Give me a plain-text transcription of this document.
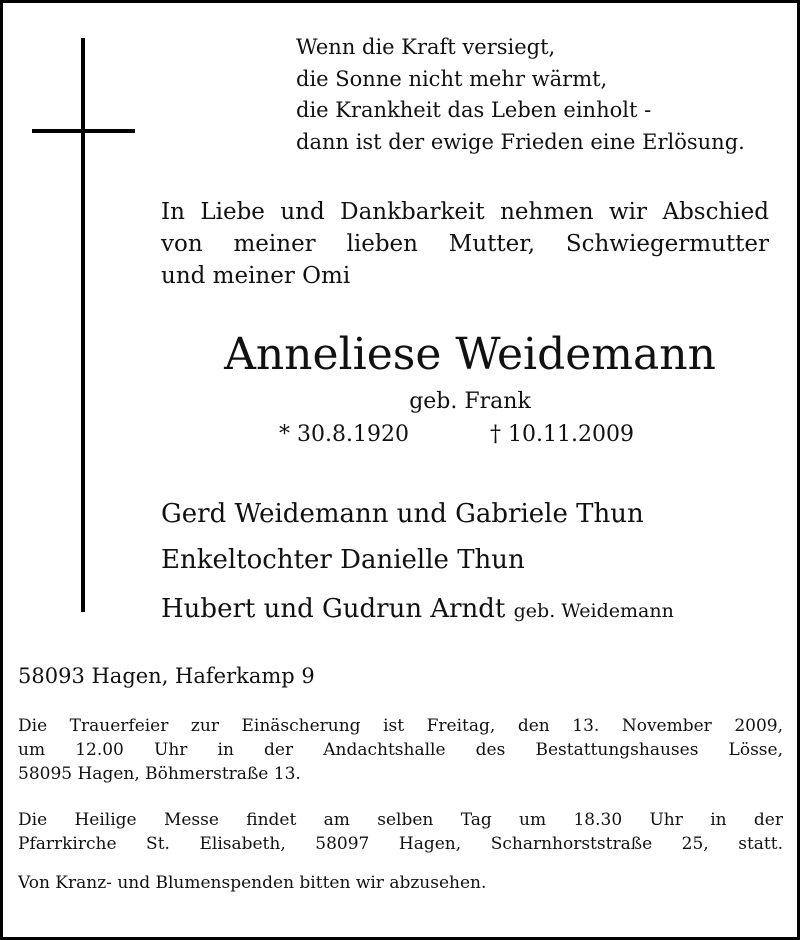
Wenn die Kraft versiegt,
die Sonne nicht mehr wärmt,
die Krankheit das Leben einholt -
dann ist der ewige Frieden eine Erlösung.
In Liebe und Dankbarkeit nehmen wir Abschied
von meiner lieben Mutter, Schwiegermutter
und meiner Omi
Anneliese Weidemann
geb. Frank
* 30.8.1920	† 10.11.2009
Gerd Weidemann und Gabriele Thun
Enkeltochter Danielle Thun
Hubert und Gudrun Arndt geb. Weidemann
58093 Hagen, Haferkamp 9
Die Trauerfeier zur Einäscherung ist Freitag, den 13. November 2009,
um 12.00 Uhr in der Andachtshalle des Bestattungshauses Lösse,
58095 Hagen, Böhmerstraße 13.
Die Heilige Messe findet am selben Tag um 18.30 Uhr in der
Pfarrkirche St. Elisabeth, 58097 Hagen, Scharnhorststraße 25, statt.
Von Kranz- und Blumenspenden bitten wir abzusehen.
